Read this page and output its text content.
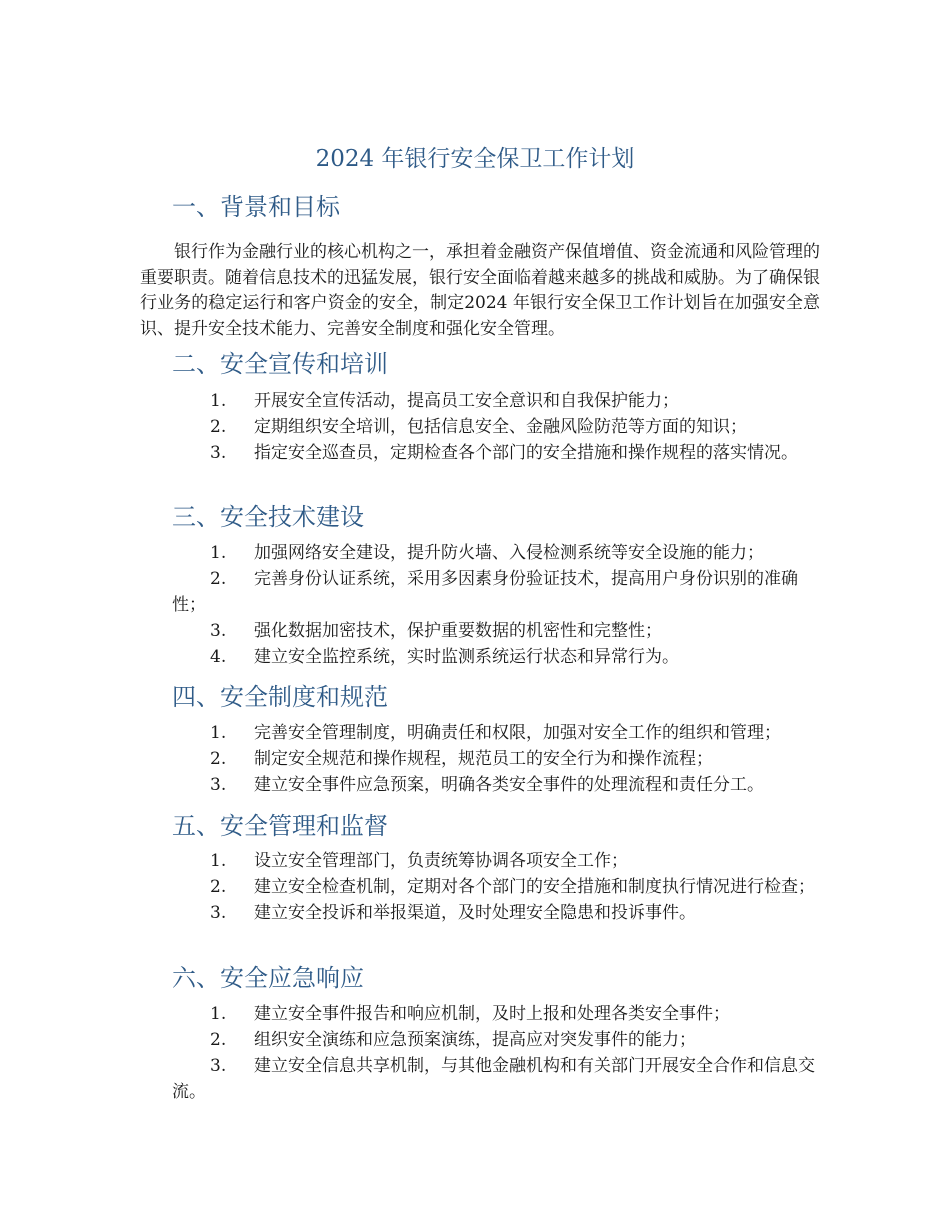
2024 年银行安全保卫工作计划
一、背景和目标
银行作为金融行业的核心机构之一，承担着金融资产保值增值、资金流通和风险管理的重要职责。随着信息技术的迅猛发展，银行安全面临着越来越多的挑战和威胁。为了确保银行业务的稳定运行和客户资金的安全，制定2024 年银行安全保卫工作计划旨在加强安全意识、提升安全技术能力、完善安全制度和强化安全管理。
二、安全宣传和培训
1. 开展安全宣传活动，提高员工安全意识和自我保护能力；
2. 定期组织安全培训，包括信息安全、金融风险防范等方面的知识；
3. 指定安全巡查员，定期检查各个部门的安全措施和操作规程的落实情况。
三、安全技术建设
1. 加强网络安全建设，提升防火墙、入侵检测系统等安全设施的能力；
2. 完善身份认证系统，采用多因素身份验证技术，提高用户身份识别的准确性；
3. 强化数据加密技术，保护重要数据的机密性和完整性；
4. 建立安全监控系统，实时监测系统运行状态和异常行为。
四、安全制度和规范
1. 完善安全管理制度，明确责任和权限，加强对安全工作的组织和管理；
2. 制定安全规范和操作规程，规范员工的安全行为和操作流程；
3. 建立安全事件应急预案，明确各类安全事件的处理流程和责任分工。
五、安全管理和监督
1. 设立安全管理部门，负责统筹协调各项安全工作；
2. 建立安全检查机制，定期对各个部门的安全措施和制度执行情况进行检查；
3. 建立安全投诉和举报渠道，及时处理安全隐患和投诉事件。
六、安全应急响应
1. 建立安全事件报告和响应机制，及时上报和处理各类安全事件；
2. 组织安全演练和应急预案演练，提高应对突发事件的能力；
3. 建立安全信息共享机制，与其他金融机构和有关部门开展安全合作和信息交流。
